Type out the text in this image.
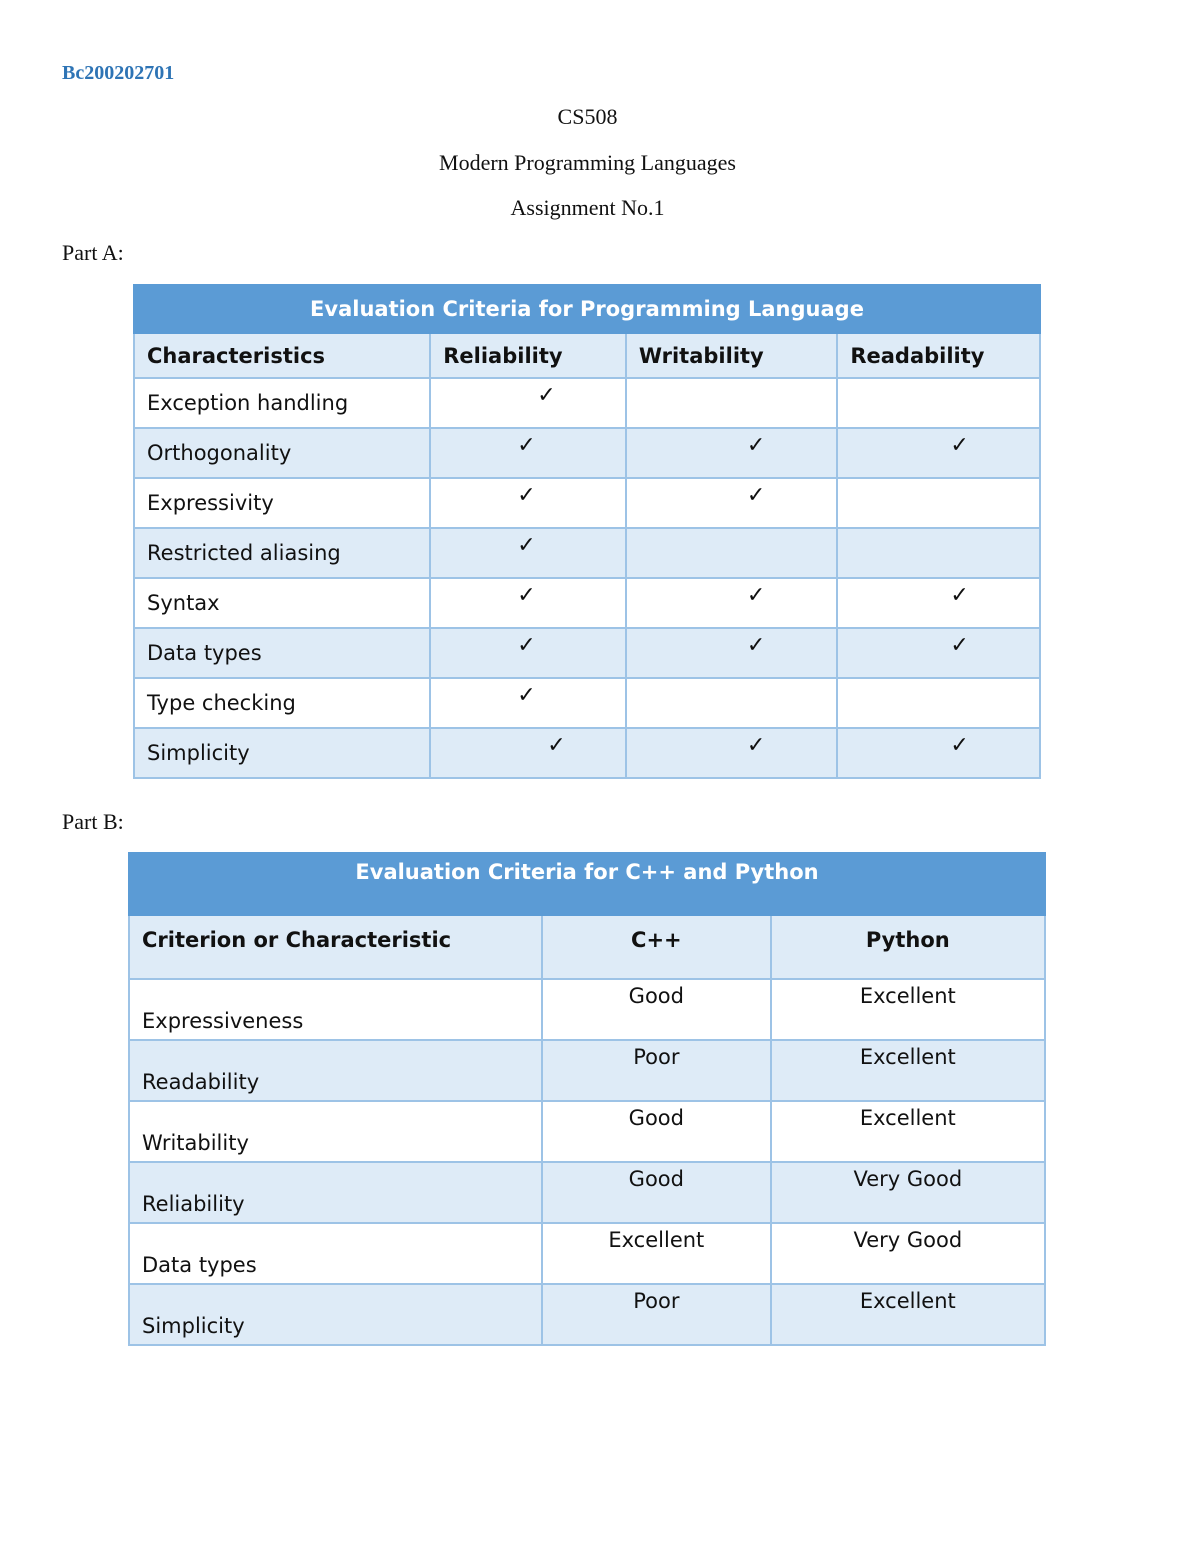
Bc200202701
CS508
Modern Programming Languages
Assignment No.1
Part A:
Evaluation Criteria for Programming Language			
Characteristics	Reliability	Writability	Readability
Exception handling	✓		
Orthogonality	✓	✓	✓
Expressivity	✓	✓	
Restricted aliasing	✓		
Syntax	✓	✓	✓
Data types	✓	✓	✓
Type checking	✓		
Simplicity	✓	✓	✓
Part B:
Evaluation Criteria for C++ and Python		
Criterion or Characteristic	C++	Python
Expressiveness	Good	Excellent
Readability	Poor	Excellent
Writability	Good	Excellent
Reliability	Good	Very Good
Data types	Excellent	Very Good
Simplicity	Poor	Excellent
